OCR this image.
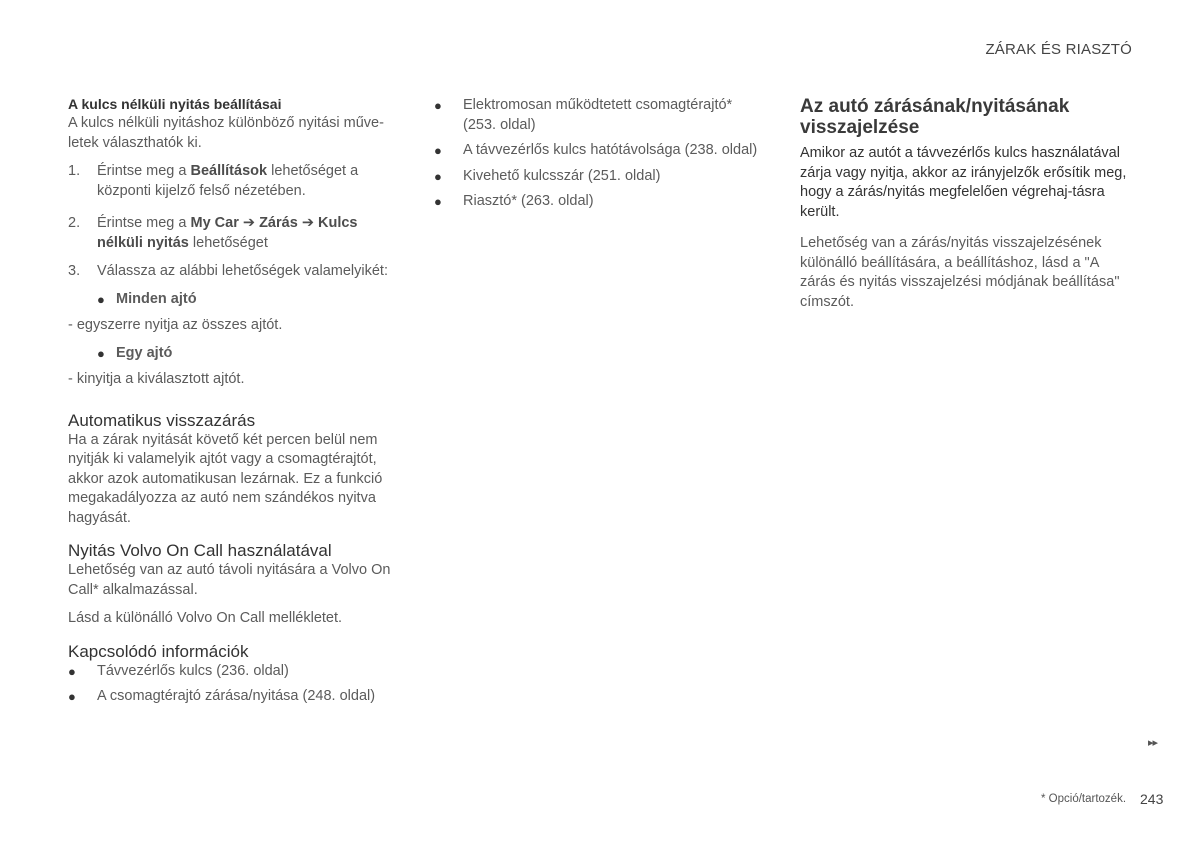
ZÁRAK ÉS RIASZTÓ
A kulcs nélküli nyitás beállításai

A kulcs nélküli nyitáshoz különböző nyitási műve-letek választhatók ki.

1.	Érintse meg a Beállítások lehetőséget a központi kijelző felső nézetében.
2.	Érintse meg a My Car ➔ Zárás ➔ Kulcs nélküli nyitás lehetőséget
3.	Válassza az alábbi lehetőségek valamelyikét:
● Minden ajtó
- egyszerre nyitja az összes ajtót.
● Egy ajtó
- kinyitja a kiválasztott ajtót.
Automatikus visszazárás

Ha a zárak nyitását követő két percen belül nem nyitják ki valamelyik ajtót vagy a csomagtérajtót, akkor azok automatikusan lezárnak. Ez a funkció megakadályozza az autó nem szándékos nyitva hagyását.

Nyitás Volvo On Call használatával

Lehetőség van az autó távoli nyitására a Volvo On Call* alkalmazással.

Lásd a különálló Volvo On Call mellékletet.

Kapcsolódó információk
●	Távvezérlős kulcs (236. oldal)
●	A csomagtérajtó zárása/nyitása (248. oldal)
●	Elektromosan működtetett csomagtérajtó* (253. oldal)
●	A távvezérlős kulcs hatótávolsága (238. oldal)
●	Kivehető kulcsszár (251. oldal)
●	Riasztó* (263. oldal)
Az autó zárásának/nyitásának visszajelzése

Amikor az autót a távvezérlős kulcs használatával zárja vagy nyitja, akkor az irányjelzők erősítik meg, hogy a zárás/nyitás megfelelően végrehaj-tásra került.

Lehetőség van a zárás/nyitás visszajelzésének különálló beállítására, a beállításhoz, lásd a "A zárás és nyitás visszajelzési módjának beállítása" címszót.

▸▸
* Opció/tartozék. 243
